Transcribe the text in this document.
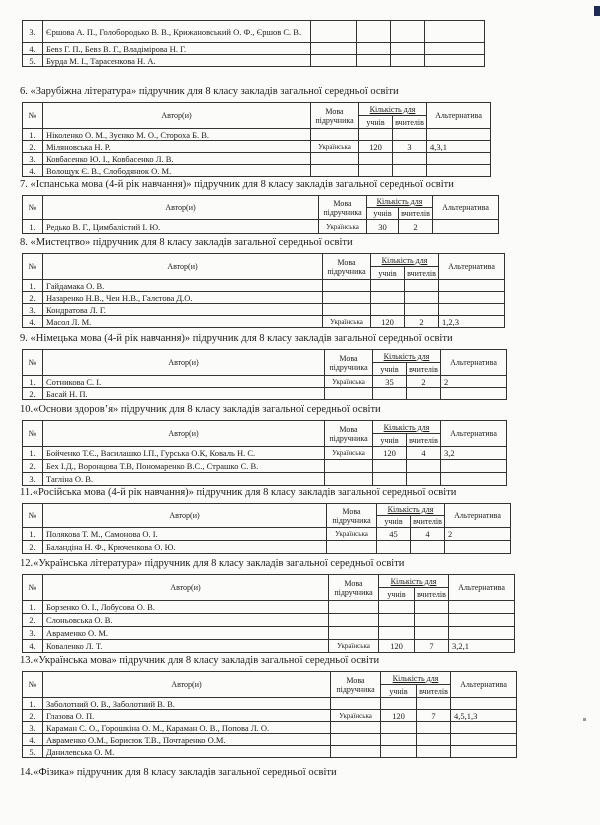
3.	Єршова А. П., Голобородько В. В., Крижановський О. Ф., Єршов С. В.				
4.	Бевз Г. П., Бевз В. Г., Владімірова Н. Г.				
5.	Бурда М. І., Тарасенкова Н. А.				
6. «Зарубіжна література» підручник для 8 класу закладів загальної середньої освіти
№	Автор(и)	Мова підручника	Кількість для		Альтернатива
			учнів	вчителів	
1.	Ніколенко О. М., Зуєнко М. О., Стороха Б. В.				
2.	Міляновська Н. Р.	Українська	120	3	4,3,1
3.	Ковбасенко Ю. І., Ковбасенко Л. В.				
4.	Волощук Є. В., Слободянюк О. М.				
7. «Іспанська мова (4-й рік навчання)» підручник для 8 класу закладів загальної середньої освіти
№	Автор(и)	Мова підручника	Кількість для		Альтернатива
			учнів	вчителів	
1.	Редько В. Г., Цимбалістий І. Ю.	Українська	30	2	
8. «Мистецтво» підручник для 8 класу закладів загальної середньої освіти
№	Автор(и)	Мова підручника	Кількість для		Альтернатива
			учнів	вчителів	
1.	Гайдамака О. В.				
2.	Назаренко Н.В., Чен Н.В., Галєтова Д.О.				
3.	Кондратова Л. Г.				
4.	Масол Л. М.	Українська	120	2	1,2,3
9. «Німецька мова (4-й рік навчання)» підручник для 8 класу закладів загальної середньої освіти
№	Автор(и)	Мова підручника	Кількість для		Альтернатива
			учнів	вчителів	
1.	Сотникова С. І.	Українська	35	2	2
2.	Басай Н. П.				
10.«Основи здоров’я» підручник для 8 класу закладів загальної середньої освіти
№	Автор(и)	Мова підручника	Кількість для		Альтернатива
			учнів	вчителів	
1.	Бойченко Т.Є., Василашко І.П., Гурська О.К, Коваль Н. С.	Українська	120	4	3,2
2.	Бех І.Д., Воронцова Т.В, Пономаренко В.С., Страшко С. В.				
3.	Тагліна О. В.				
11.«Російська мова (4-й рік навчання)» підручник для 8 класу закладів загальної середньої освіти
№	Автор(и)	Мова підручника	Кількість для		Альтернатива
			учнів	вчителів	
1.	Полякова Т. М., Самонова О. І.	Українська	45	4	2
2.	Баландіна Н. Ф., Крюченкова О. Ю.				
12.«Українська література» підручник для 8 класу закладів загальної середньої освіти
№	Автор(и)	Мова підручника	Кількість для		Альтернатива
			учнів	вчителів	
1.	Борзенко О. І., Лобусова О. В.				
2.	Слоньовська О. В.				
3.	Авраменко О. М.				
4.	Коваленко Л. Т.	Українська	120	7	3,2,1
13.«Українська мова» підручник для 8 класу закладів загальної середньої освіти
№	Автор(и)	Мова підручника	Кількість для		Альтернатива
			учнів	вчителів	
1.	Заболотний О. В., Заболотний В. В.				
2.	Глазова О. П.	Українська	120	7	4,5,1,3
3.	Караман С. О., Горошкіна О. М., Караман О. В., Попова Л. О.				
4.	Авраменко О.М., Борисюк Т.В., Почтаренко О.М.				
5.	Данилевська О. М.				
14.«Фізика» підручник для 8 класу закладів загальної середньої освіти
